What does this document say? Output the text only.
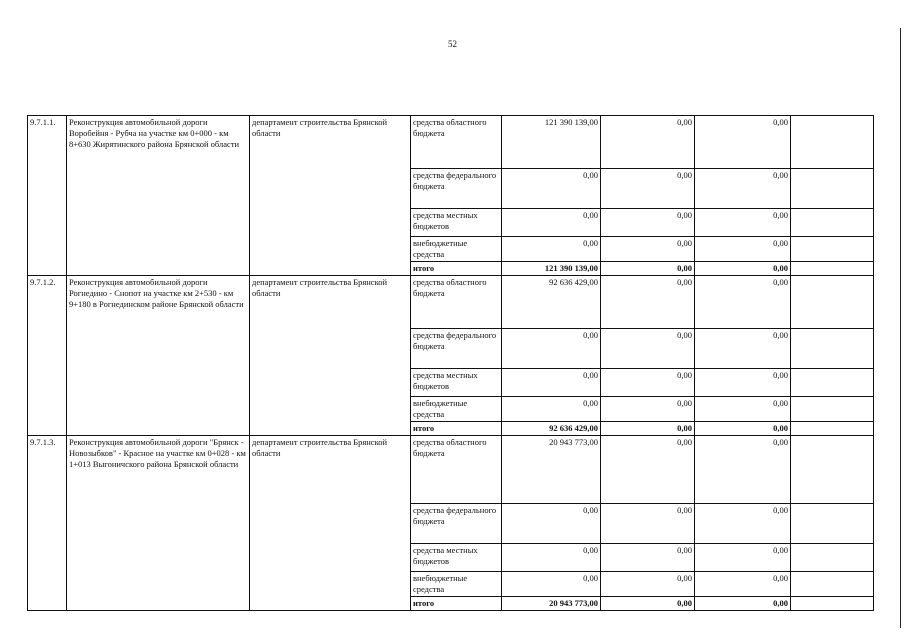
52
9.7.1.1.	Реконструкция автомобильной дороги Воробейня - Рубча на участке км 0+000 - км 8+630 Жирятинского района Брянской области	департамент строительства Брянской области	средства областного бюджета	121 390 139,00	0,00	0,00	
			средства федерального бюджета	0,00	0,00	0,00	
			средства местных бюджетов	0,00	0,00	0,00	
			внебюджетные средства	0,00	0,00	0,00	
			итого	121 390 139,00	0,00	0,00	
9.7.1.2.	Реконструкция автомобильной дороги Рогнедино - Снопот на участке км 2+530 - км 9+180 в Рогнединском районе Брянской области	департамент строительства Брянской области	средства областного бюджета	92 636 429,00	0,00	0,00	
			средства федерального бюджета	0,00	0,00	0,00	
			средства местных бюджетов	0,00	0,00	0,00	
			внебюджетные средства	0,00	0,00	0,00	
			итого	92 636 429,00	0,00	0,00	
9.7.1.3.	Реконструкция автомобильной дороги "Брянск - Новозыбков" - Красное на участке км 0+028 - км 1+013 Выгоничского района Брянской области	департамент строительства Брянской области	средства областного бюджета	20 943 773,00	0,00	0,00	
			средства федерального бюджета	0,00	0,00	0,00	
			средства местных бюджетов	0,00	0,00	0,00	
			внебюджетные средства	0,00	0,00	0,00	
			итого	20 943 773,00	0,00	0,00	
